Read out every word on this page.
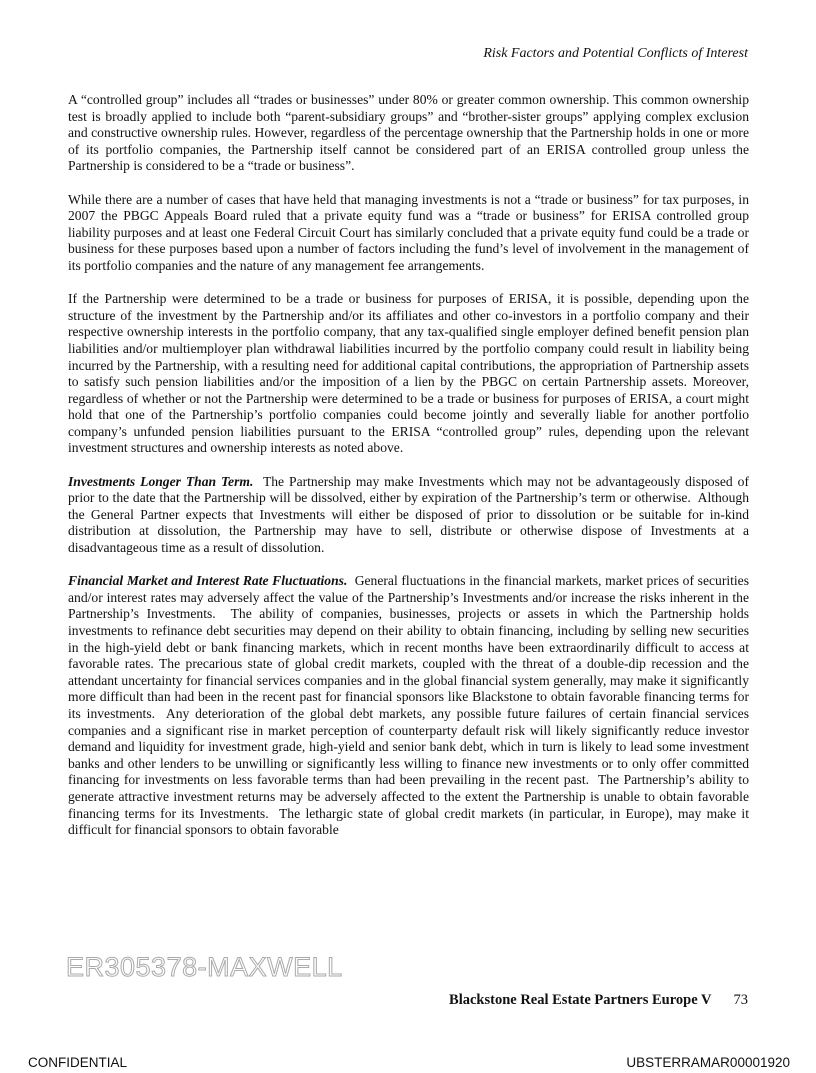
Risk Factors and Potential Conflicts of Interest

A “controlled group” includes all “trades or businesses” under 80% or greater common ownership. This common ownership test is broadly applied to include both “parent-subsidiary groups” and “brother-sister groups” applying complex exclusion and constructive ownership rules. However, regardless of the percentage ownership that the Partnership holds in one or more of its portfolio companies, the Partnership itself cannot be considered part of an ERISA controlled group unless the Partnership is considered to be a “trade or business”.

While there are a number of cases that have held that managing investments is not a “trade or business” for tax purposes, in 2007 the PBGC Appeals Board ruled that a private equity fund was a “trade or business” for ERISA controlled group liability purposes and at least one Federal Circuit Court has similarly concluded that a private equity fund could be a trade or business for these purposes based upon a number of factors including the fund’s level of involvement in the management of its portfolio companies and the nature of any management fee arrangements.

If the Partnership were determined to be a trade or business for purposes of ERISA, it is possible, depending upon the structure of the investment by the Partnership and/or its affiliates and other co-investors in a portfolio company and their respective ownership interests in the portfolio company, that any tax-qualified single employer defined benefit pension plan liabilities and/or multiemployer plan withdrawal liabilities incurred by the portfolio company could result in liability being incurred by the Partnership, with a resulting need for additional capital contributions, the appropriation of Partnership assets to satisfy such pension liabilities and/or the imposition of a lien by the PBGC on certain Partnership assets. Moreover, regardless of whether or not the Partnership were determined to be a trade or business for purposes of ERISA, a court might hold that one of the Partnership’s portfolio companies could become jointly and severally liable for another portfolio company’s unfunded pension liabilities pursuant to the ERISA “controlled group” rules, depending upon the relevant investment structures and ownership interests as noted above.

Investments Longer Than Term.  The Partnership may make Investments which may not be advantageously disposed of prior to the date that the Partnership will be dissolved, either by expiration of the Partnership’s term or otherwise.  Although the General Partner expects that Investments will either be disposed of prior to dissolution or be suitable for in-kind distribution at dissolution, the Partnership may have to sell, distribute or otherwise dispose of Investments at a disadvantageous time as a result of dissolution.

Financial Market and Interest Rate Fluctuations.  General fluctuations in the financial markets, market prices of securities and/or interest rates may adversely affect the value of the Partnership’s Investments and/or increase the risks inherent in the Partnership’s Investments.  The ability of companies, businesses, projects or assets in which the Partnership holds investments to refinance debt securities may depend on their ability to obtain financing, including by selling new securities in the high-yield debt or bank financing markets, which in recent months have been extraordinarily difficult to access at favorable rates. The precarious state of global credit markets, coupled with the threat of a double-dip recession and the attendant uncertainty for financial services companies and in the global financial system generally, may make it significantly more difficult than had been in the recent past for financial sponsors like Blackstone to obtain favorable financing terms for its investments.  Any deterioration of the global debt markets, any possible future failures of certain financial services companies and a significant rise in market perception of counterparty default risk will likely significantly reduce investor demand and liquidity for investment grade, high-yield and senior bank debt, which in turn is likely to lead some investment banks and other lenders to be unwilling or significantly less willing to finance new investments or to only offer committed financing for investments on less favorable terms than had been prevailing in the recent past.  The Partnership’s ability to generate attractive investment returns may be adversely affected to the extent the Partnership is unable to obtain favorable financing terms for its Investments.  The lethargic state of global credit markets (in particular, in Europe), may make it difficult for financial sponsors to obtain favorable

ER305378-MAXWELL
Blackstone Real Estate Partners Europe V 73
CONFIDENTIAL	UBSTERRAMAR00001920
